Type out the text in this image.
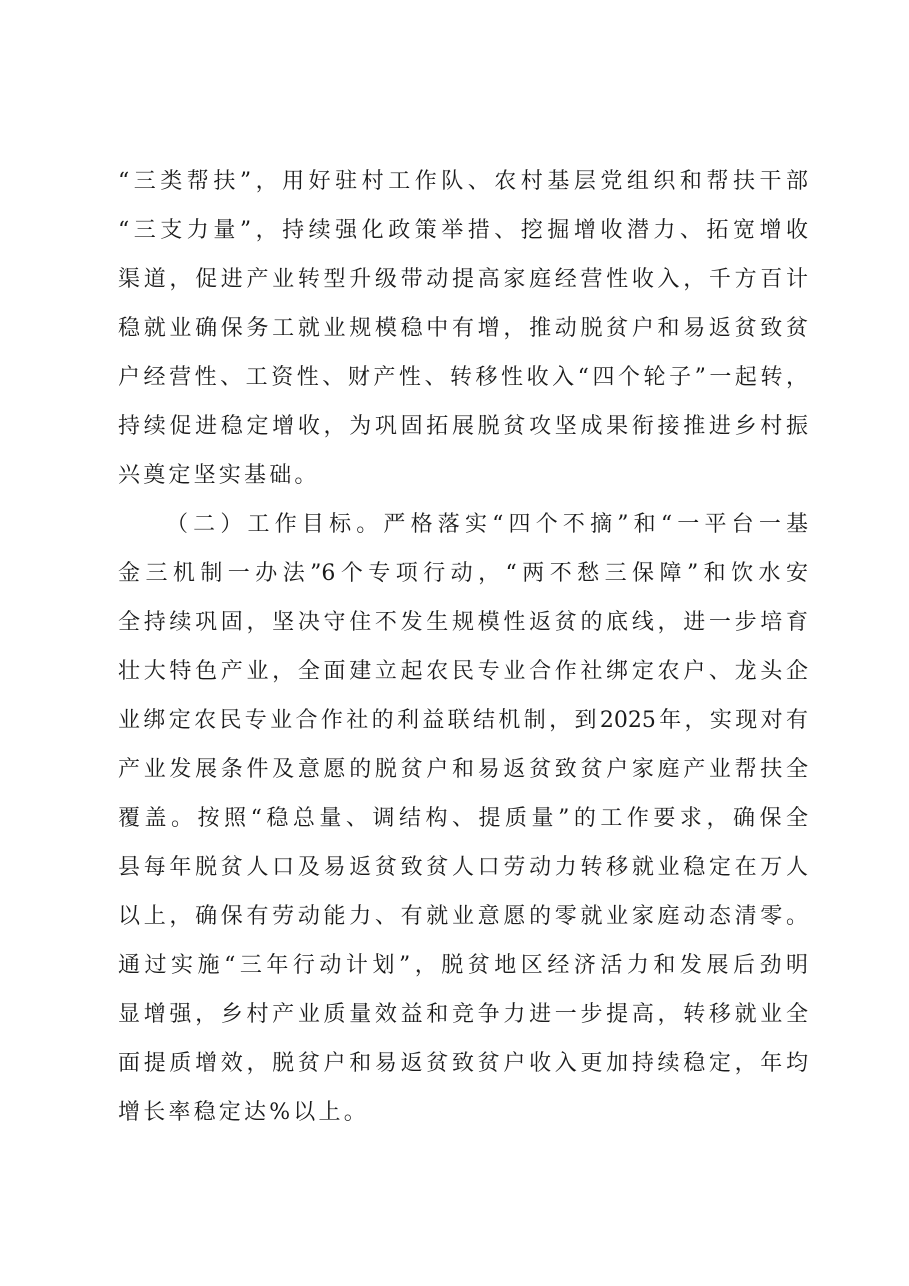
“三类帮扶”，用好驻村工作队、农村基层党组织和帮扶干部
“三支力量”，持续强化政策举措、挖掘增收潜力、拓宽增收
渠道，促进产业转型升级带动提高家庭经营性收入，千方百计
稳就业确保务工就业规模稳中有增，推动脱贫户和易返贫致贫
户经营性、工资性、财产性、转移性收入“四个轮子”一起转，
持续促进稳定增收，为巩固拓展脱贫攻坚成果衔接推进乡村振
兴奠定坚实基础。
（二）工作目标。严格落实“四个不摘”和“一平台一基
金三机制一办法”6个专项行动，“两不愁三保障”和饮水安
全持续巩固，坚决守住不发生规模性返贫的底线，进一步培育
壮大特色产业，全面建立起农民专业合作社绑定农户、龙头企
业绑定农民专业合作社的利益联结机制，到2025年，实现对有
产业发展条件及意愿的脱贫户和易返贫致贫户家庭产业帮扶全
覆盖。按照“稳总量、调结构、提质量”的工作要求，确保全
县每年脱贫人口及易返贫致贫人口劳动力转移就业稳定在万人
以上，确保有劳动能力、有就业意愿的零就业家庭动态清零。
通过实施“三年行动计划”，脱贫地区经济活力和发展后劲明
显增强，乡村产业质量效益和竞争力进一步提高，转移就业全
面提质增效，脱贫户和易返贫致贫户收入更加持续稳定，年均
增长率稳定达%以上。
